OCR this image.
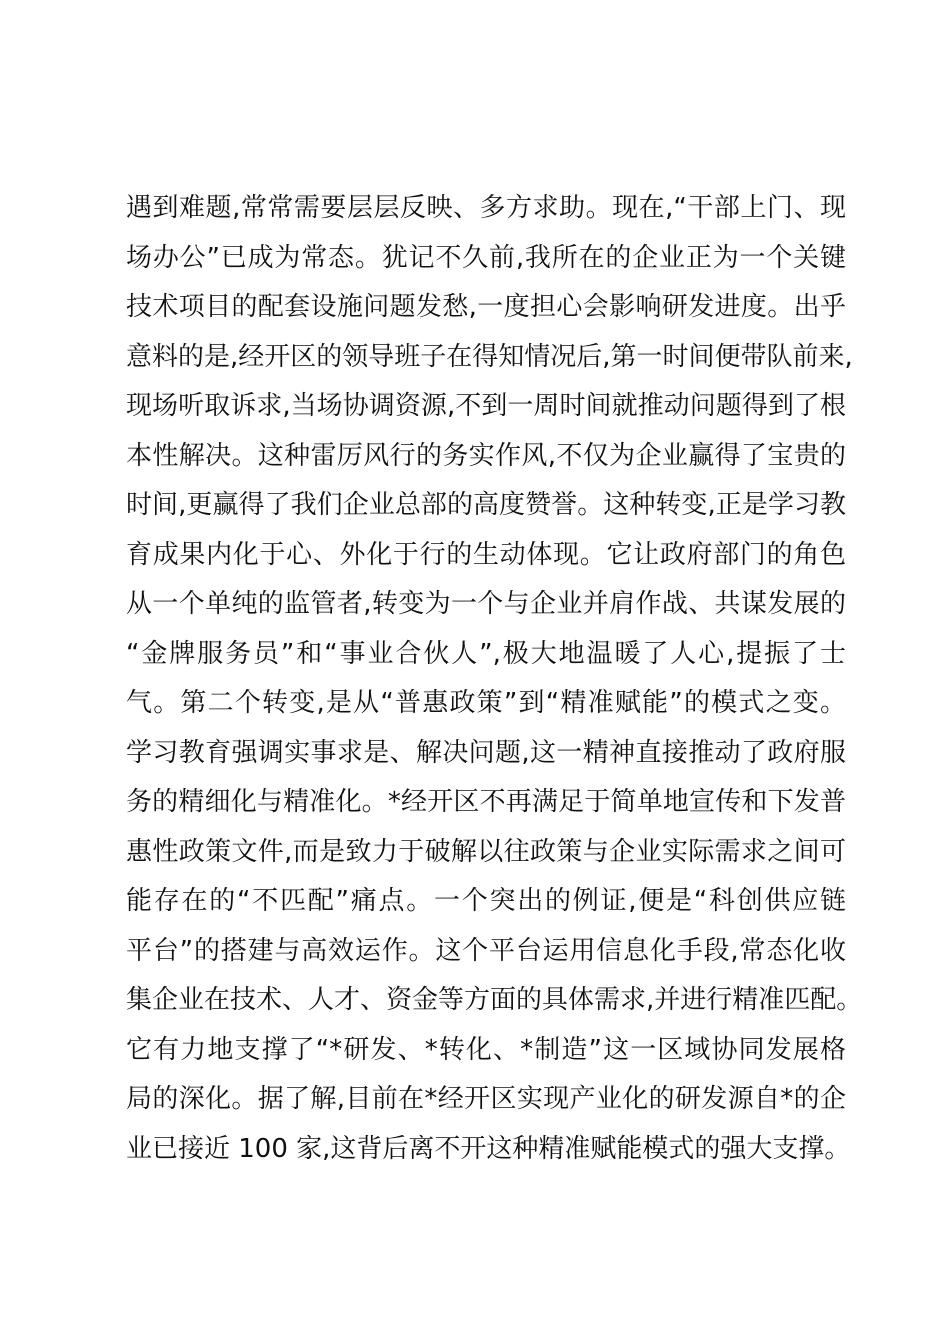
遇到难题,常常需要层层反映、多方求助。现在,“干部上门、现
场办公”已成为常态。犹记不久前,我所在的企业正为一个关键
技术项目的配套设施问题发愁,一度担心会影响研发进度。出乎
意料的是,经开区的领导班子在得知情况后,第一时间便带队前来,
现场听取诉求,当场协调资源,不到一周时间就推动问题得到了根
本性解决。这种雷厉风行的务实作风,不仅为企业赢得了宝贵的
时间,更赢得了我们企业总部的高度赞誉。这种转变,正是学习教
育成果内化于心、外化于行的生动体现。它让政府部门的角色
从一个单纯的监管者,转变为一个与企业并肩作战、共谋发展的
“金牌服务员”和“事业合伙人”,极大地温暖了人心,提振了士
气。第二个转变,是从“普惠政策”到“精准赋能”的模式之变。
学习教育强调实事求是、解决问题,这一精神直接推动了政府服
务的精细化与精准化。*经开区不再满足于简单地宣传和下发普
惠性政策文件,而是致力于破解以往政策与企业实际需求之间可
能存在的“不匹配”痛点。一个突出的例证,便是“科创供应链
平台”的搭建与高效运作。这个平台运用信息化手段,常态化收
集企业在技术、人才、资金等方面的具体需求,并进行精准匹配。
它有力地支撑了“*研发、*转化、*制造”这一区域协同发展格
局的深化。据了解,目前在*经开区实现产业化的研发源自*的企
业已接近 100 家,这背后离不开这种精准赋能模式的强大支撑。
